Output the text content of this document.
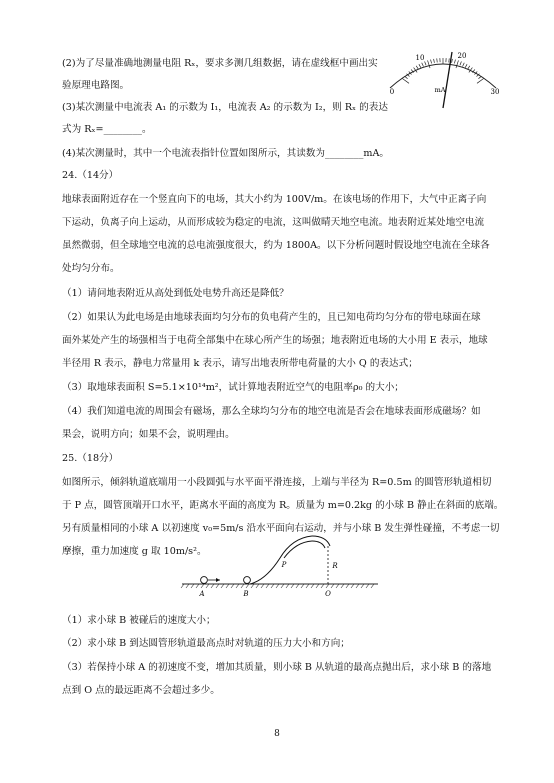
(2)为了尽量准确地测量电阻 Rₓ，要求多测几组数据，请在虚线框中画出实
验原理电路图。
(3)某次测量中电流表 A₁ 的示数为 I₁，电流表 A₂ 的示数为 I₂，则 Rₓ 的表达
式为 Rₓ=________。
(4)某次测量时，其中一个电流表指针位置如图所示，其读数为________mA。
24.（14分）
地球表面附近存在一个竖直向下的电场，其大小约为 100V/m。在该电场的作用下，大气中正离子向
下运动，负离子向上运动，从而形成较为稳定的电流，这叫做晴天地空电流。地表附近某处地空电流
虽然微弱，但全球地空电流的总电流强度很大，约为 1800A。以下分析问题时假设地空电流在全球各
处均匀分布。
（1）请问地表附近从高处到低处电势升高还是降低？
（2）如果认为此电场是由地球表面均匀分布的负电荷产生的，且已知电荷均匀分布的带电球面在球
面外某处产生的场强相当于电荷全部集中在球心所产生的场强；地表附近电场的大小用 E 表示，地球
半径用 R 表示，静电力常量用 k 表示，请写出地表所带电荷量的大小 Q 的表达式；
（3）取地球表面积 S=5.1×10¹⁴m²，试计算地表附近空气的电阻率ρ₀ 的大小；
（4）我们知道电流的周围会有磁场，那么全球均匀分布的地空电流是否会在地球表面形成磁场？如
果会，说明方向；如果不会，说明理由。
25.（18分）
如图所示，倾斜轨道底端用一小段圆弧与水平面平滑连接，上端与半径为 R=0.5m 的圆管形轨道相切
于 P 点，圆管顶端开口水平，距离水平面的高度为 R。质量为 m=0.2kg 的小球 B 静止在斜面的底端。
另有质量相同的小球 A 以初速度 v₀=5m/s 沿水平面向右运动，并与小球 B 发生弹性碰撞，不考虑一切
摩擦，重力加速度 g 取 10m/s²。
（1）求小球 B 被碰后的速度大小；
（2）求小球 B 到达圆管形轨道最高点时对轨道的压力大小和方向；
（3）若保持小球 A 的初速度不变，增加其质量，则小球 B 从轨道的最高点抛出后，求小球 B 的落地
点到 O 点的最远距离不会超过多少。
0
10	20
30
mA
A	B
P	R
O
8
